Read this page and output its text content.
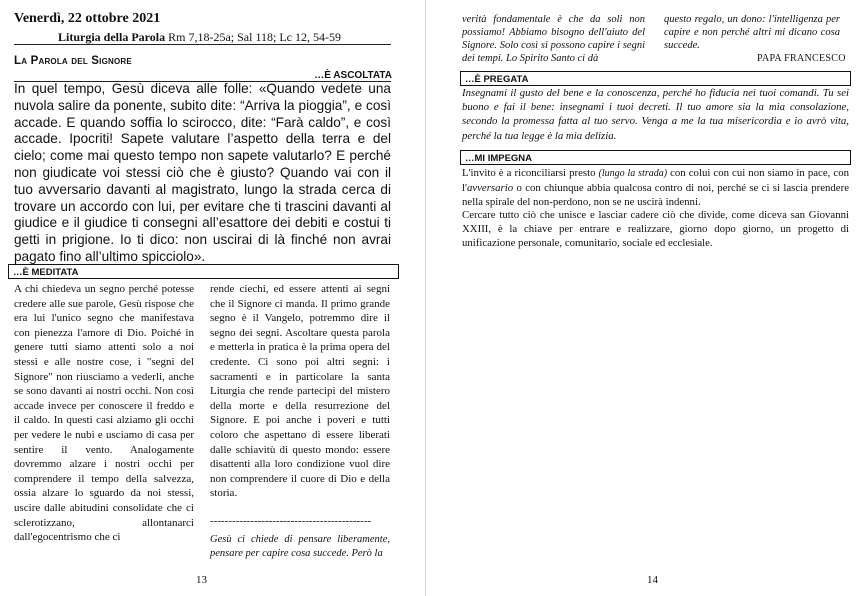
Venerdì, 22 ottobre 2021
Liturgia della Parola Rm 7,18-25a; Sal 118; Lc 12, 54-59
La Parola del Signore
…È ASCOLTATA
In quel tempo, Gesù diceva alle folle: «Quando vedete una nuvola salire da ponente, subito dite: “Arriva la pioggia”, e così accade. E quando soffia lo scirocco, dite: “Farà caldo”, e così accade. Ipocriti! Sapete valutare l’aspetto della terra e del cielo; come mai questo tempo non sapete valutarlo? E perché non giudicate voi stessi ciò che è giusto? Quando vai con il tuo avversario davanti al magistrato, lungo la strada cerca di trovare un accordo con lui, per evitare che ti trascini davanti al giudice e il giudice ti consegni all’esattore dei debiti e costui ti getti in prigione. Io ti dico: non uscirai di là finché non avrai pagato fino all’ultimo spicciolo».
…È MEDITATA
A chi chiedeva un segno perché potesse credere alle sue parole, Gesù rispose che era lui l'unico segno che manifestava con pienezza l'amore di Dio. Poiché in genere tutti siamo attenti solo a noi stessi e alle nostre cose, i "segni del Signore" non riusciamo a vederli, anche se sono davanti ai nostri occhi. Non così accade invece per conoscere il freddo e il caldo. In questi casi alziamo gli occhi per vedere le nubi e usciamo di casa per sentire il vento. Analogamente dovremmo alzare i nostri occhi per comprendere il tempo della salvezza, ossia alzare lo sguardo da noi stessi, uscire dalle abitudini consolidate che ci sclerotizzano, allontanarci dall'egocentrismo che ci
rende ciechi, ed essere attenti ai segni che il Signore ci manda. Il primo grande segno è il Vangelo, potremmo dire il segno dei segni. Ascoltare questa parola e metterla in pratica è la prima opera del credente. Ci sono poi altri segni: i sacramenti e in particolare la santa Liturgia che rende partecipi del mistero della morte e della resurrezione del Signore. E poi anche i poveri e tutti coloro che aspettano di essere liberati dalle schiavitù di questo mondo: essere disattenti alla loro condizione vuol dire non comprendere il cuore di Dio e della storia.
--------------------------------------------
Gesù ci chiede di pensare liberamente, pensare per capire cosa succede. Però la
13
verità fondamentale è che da soli non possiamo! Abbiamo bisogno dell'aiuto del Signore. Solo così si possono capire i segni dei tempi. Lo Spirito Santo ci dà
questo regalo, un dono: l'intelligenza per capire e non perché altri mi dicano cosa succede.
PAPA FRANCESCO
…È PREGATA
Insegnami il gusto del bene e la conoscenza, perché ho fiducia nei tuoi comandi. Tu sei buono e fai il bene: insegnami i tuoi decreti. Il tuo amore sia la mia consolazione, secondo la promessa fatta al tuo servo. Venga a me la tua misericordia e io avrò vita, perché la tua legge è la mia delizia.
…MI IMPEGNA
L'invito è a riconciliarsi presto (lungo la strada) con colui con cui non siamo in pace, con l'avversario o con chiunque abbia qualcosa contro di noi, perché se ci si lascia prendere nella spirale del non-perdono, non se ne uscirà indenni.
Cercare tutto ciò che unisce e lasciar cadere ciò che divide, come diceva san Giovanni XXIII, è la chiave per entrare e realizzare, giorno dopo giorno, un progetto di unificazione personale, comunitario, sociale ed ecclesiale.
14
